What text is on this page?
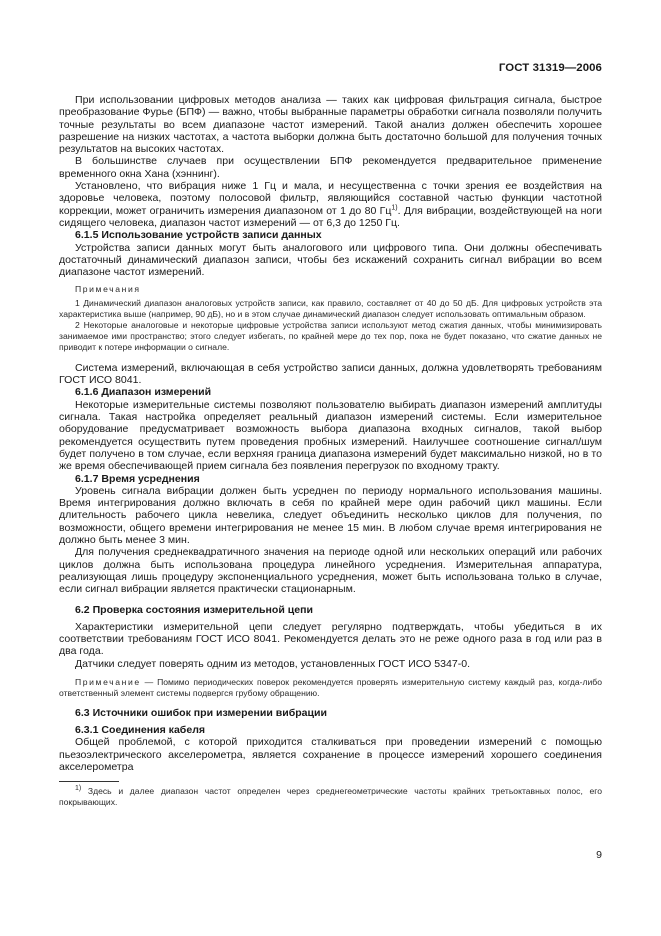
ГОСТ 31319—2006

При использовании цифровых методов анализа — таких как цифровая фильтрация сигнала, быстрое преобразование Фурье (БПФ) — важно, чтобы выбранные параметры обработки сигнала позволяли получить точные результаты во всем диапазоне частот измерений. Такой анализ должен обеспечить хорошее разрешение на низких частотах, а частота выборки должна быть достаточно большой для получения точных результатов на высоких частотах.

В большинстве случаев при осуществлении БПФ рекомендуется предварительное применение временного окна Хана (хэннинг).

Установлено, что вибрация ниже 1 Гц и мала, и несущественна с точки зрения ее воздействия на здоровье человека, поэтому полосовой фильтр, являющийся составной частью функции частотной коррекции, может ограничить измерения диапазоном от 1 до 80 $Гц^{1)}$. Для вибрации, воздействующей на ноги сидящего человека, диапазон частот измерений — от 6,3 до 1250 Гц.

6.1.5 Использование устройств записи данных

Устройства записи данных могут быть аналогового или цифрового типа. Они должны обеспечивать достаточный динамический диапазон записи, чтобы без искажений сохранить сигнал вибрации во всем диапазоне частот измерений.

Примечания

1 Динамический диапазон аналоговых устройств записи, как правило, составляет от 40 до 50 дБ. Для цифровых устройств эта характеристика выше (например, 90 дБ), но и в этом случае динамический диапазон следует использовать оптимальным образом.

2 Некоторые аналоговые и некоторые цифровые устройства записи используют метод сжатия данных, чтобы минимизировать занимаемое ими пространство; этого следует избегать, по крайней мере до тех пор, пока не будет показано, что сжатие данных не приводит к потере информации о сигнале.

Система измерений, включающая в себя устройство записи данных, должна удовлетворять требованиям ГОСТ ИСО 8041.

6.1.6 Диапазон измерений

Некоторые измерительные системы позволяют пользователю выбирать диапазон измерений амплитуды сигнала. Такая настройка определяет реальный диапазон измерений системы. Если измерительное оборудование предусматривает возможность выбора диапазона входных сигналов, такой выбор рекомендуется осуществить путем проведения пробных измерений. Наилучшее соотношение сигнал/шум будет получено в том случае, если верхняя граница диапазона измерений будет максимально низкой, но в то же время обеспечивающей прием сигнала без появления перегрузок по входному тракту.

6.1.7 Время усреднения

Уровень сигнала вибрации должен быть усреднен по периоду нормального использования машины. Время интегрирования должно включать в себя по крайней мере один рабочий цикл машины. Если длительность рабочего цикла невелика, следует объединить несколько циклов для получения, по возможности, общего времени интегрирования не менее 15 мин. В любом случае время интегрирования не должно быть менее 3 мин.

Для получения среднеквадратичного значения на периоде одной или нескольких операций или рабочих циклов должна быть использована процедура линейного усреднения. Измерительная аппаратура, реализующая лишь процедуру экспоненциального усреднения, может быть использована только в случае, если сигнал вибрации является практически стационарным.

6.2 Проверка состояния измерительной цепи

Характеристики измерительной цепи следует регулярно подтверждать, чтобы убедиться в их соответствии требованиям ГОСТ ИСО 8041. Рекомендуется делать это не реже одного раза в год или раз в два года.

Датчики следует поверять одним из методов, установленных ГОСТ ИСО 5347-0.

Примечание — Помимо периодических поверок рекомендуется проверять измерительную систему каждый раз, когда-либо ответственный элемент системы подвергся грубому обращению.

6.3 Источники ошибок при измерении вибрации
6.3.1 Соединения кабеля

Общей проблемой, с которой приходится сталкиваться при проведении измерений с помощью пьезоэлектрического акселерометра, является сохранение в процессе измерений хорошего соединения акселерометра

$^{1)}$ Здесь и далее диапазон частот определен через среднегеометрические частоты крайних третьоктавных полос, его покрывающих.

9
